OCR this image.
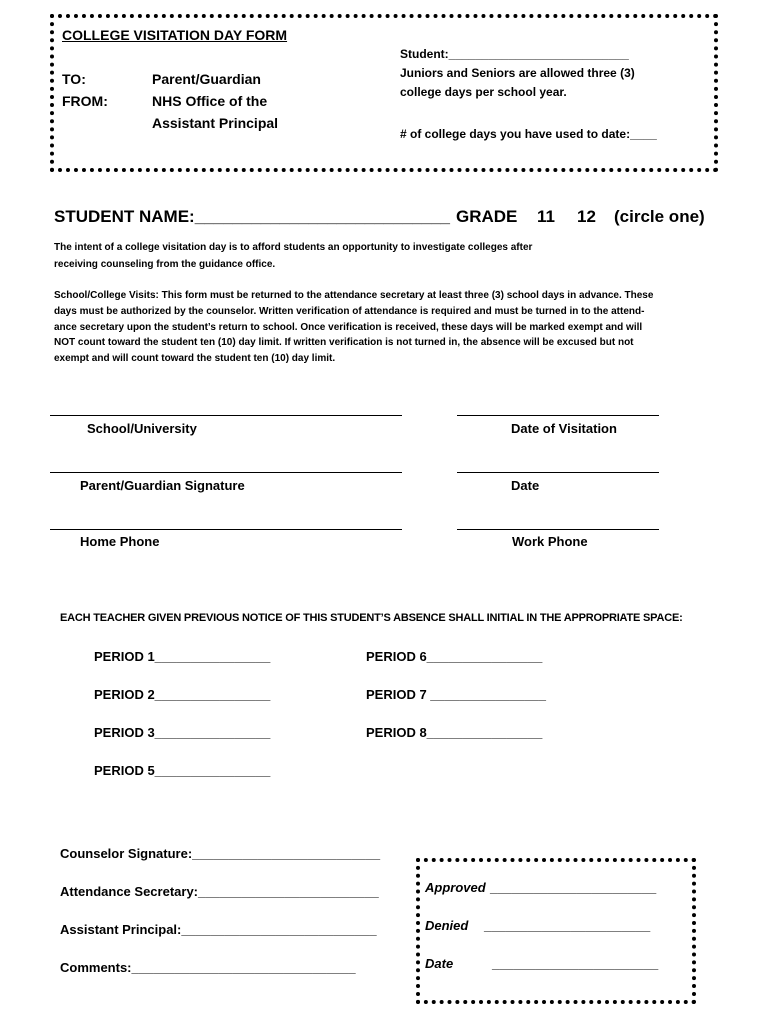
COLLEGE VISITATION DAY FORM
TO:	Parent/Guardian
FROM:	NHS Office of the
Assistant Principal
Student:___________________________
Juniors and Seniors are allowed three (3)
college days per school year.
# of college days you have used to date:____
STUDENT NAME:___________________________ GRADE 11 12 (circle one)
The intent of a college visitation day is to afford students an opportunity to investigate colleges after
receiving counseling from the guidance office.
School/College Visits: This form must be returned to the attendance secretary at least three (3) school days in advance. These
days must be authorized by the counselor. Written verification of attendance is required and must be turned in to the attend-
ance secretary upon the student’s return to school. Once verification is received, these days will be marked exempt and will
NOT count toward the student ten (10) day limit. If written verification is not turned in, the absence will be excused but not
exempt and will count toward the student ten (10) day limit.
School/University	Date of Visitation
Parent/Guardian Signature	Date
Home Phone	Work Phone
EACH TEACHER GIVEN PREVIOUS NOTICE OF THIS STUDENT’S ABSENCE SHALL INITIAL IN THE APPROPRIATE SPACE:
PERIOD 1________________	PERIOD 6________________
PERIOD 2________________	PERIOD 7 ________________
PERIOD 3________________	PERIOD 8________________
PERIOD 5________________
Counselor Signature:__________________________
Attendance Secretary:_________________________
Assistant Principal:___________________________
Comments:_______________________________
Approved _______________________
Denied _______________________
Date	_______________________
